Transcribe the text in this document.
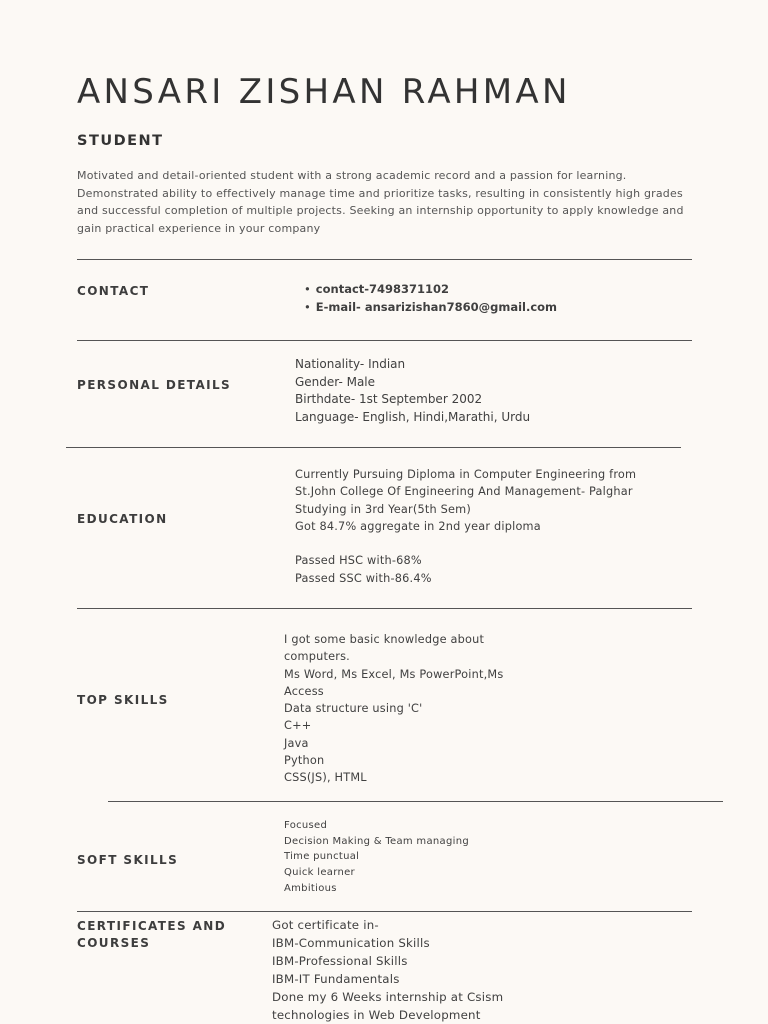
ANSARI ZISHAN RAHMAN
STUDENT

Motivated and detail-oriented student with a strong academic record and a passion for learning. Demonstrated ability to effectively manage time and prioritize tasks, resulting in consistently high grades and successful completion of multiple projects. Seeking an internship opportunity to apply knowledge and gain practical experience in your company

CONTACT
•	contact-7498371102
• E-mail- ansarizishan7860@gmail.com
PERSONAL DETAILS
Nationality- Indian
Gender- Male
Birthdate- 1st September 2002
Language- English, Hindi,Marathi, Urdu
EDUCATION
Currently Pursuing Diploma in Computer Engineering from
St.John College Of Engineering And Management- Palghar
Studying in 3rd Year(5th Sem)
Got 84.7% aggregate in 2nd year diploma
Passed HSC with-68%
Passed SSC with-86.4%
TOP SKILLS
I got some basic knowledge about
computers.
Ms Word, Ms Excel, Ms PowerPoint,Ms
Access
Data structure using 'C'
C++
Java
Python
CSS(JS), HTML
SOFT SKILLS
Focused
Decision Making & Team managing
Time punctual
Quick learner
Ambitious
CERTIFICATES AND
COURSES
Got certificate in-
IBM-Communication Skills
IBM-Professional Skills
IBM-IT Fundamentals
Done my 6 Weeks internship at Csism
technologies in Web Development
